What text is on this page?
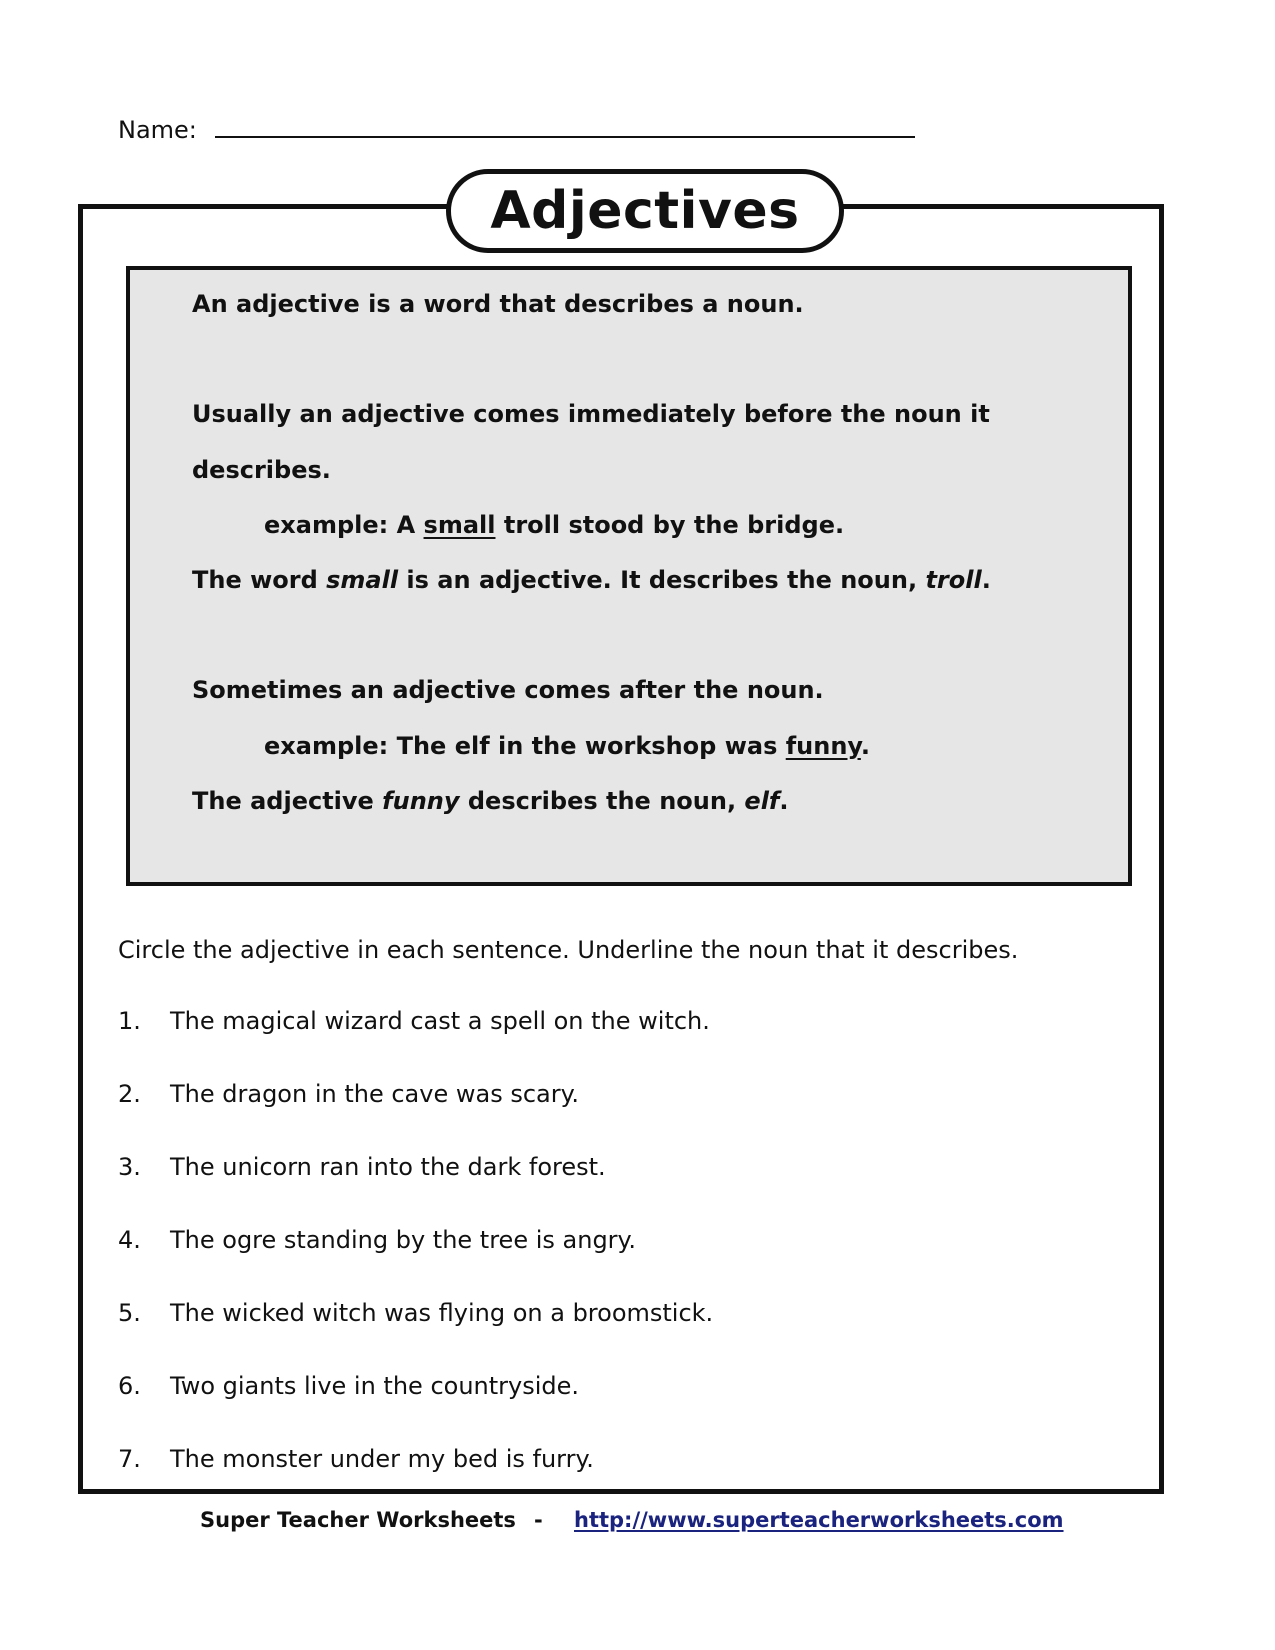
Name:
Adjectives
An adjective is a word that describes a noun.
Usually an adjective comes immediately before the noun it
describes.
example: A small troll stood by the bridge.
The word small is an adjective. It describes the noun, troll.
Sometimes an adjective comes after the noun.
example: The elf in the workshop was funny.
The adjective funny describes the noun, elf.
Circle the adjective in each sentence. Underline the noun that it describes.
1. The magical wizard cast a spell on the witch.
2. The dragon in the cave was scary.
3. The unicorn ran into the dark forest.
4. The ogre standing by the tree is angry.
5. The wicked witch was flying on a broomstick.
6. Two giants live in the countryside.
7. The monster under my bed is furry.
Super Teacher Worksheets - http://www.superteacherworksheets.com
